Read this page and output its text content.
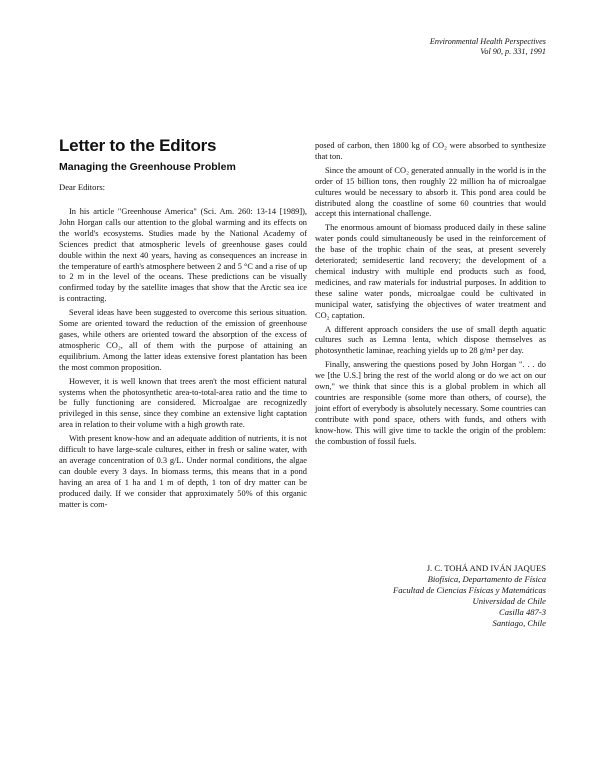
Environmental Health Perspectives
Vol 90, p. 331, 1991
Letter to the Editors
Managing the Greenhouse Problem
Dear Editors:

In his article "Greenhouse America" (Sci. Am. 260: 13-14 [1989]), John Horgan calls our attention to the global warming and its effects on the world's ecosystems. Studies made by the National Academy of Sciences predict that atmospheric levels of greenhouse gases could double within the next 40 years, having as consequences an increase in the temperature of earth's atmosphere between 2 and 5 °C and a rise of up to 2 m in the level of the oceans. These predictions can be visually confirmed today by the satellite images that show that the Arctic sea ice is contracting.

Several ideas have been suggested to overcome this serious situation. Some are oriented toward the reduction of the emission of greenhouse gases, while others are oriented toward the absorption of the excess of atmospheric CO₂, all of them with the purpose of attaining an equilibrium. Among the latter ideas extensive forest plantation has been the most common proposition.

However, it is well known that trees aren't the most efficient natural systems when the photosynthetic area-to-total-area ratio and the time to be fully functioning are considered. Microalgae are recognizedly privileged in this sense, since they combine an extensive light captation area in relation to their volume with a high growth rate.

With present know-how and an adequate addition of nutrients, it is not difficult to have large-scale cultures, either in fresh or saline water, with an average concentration of 0.3 g/L. Under normal conditions, the algae can double every 3 days. In biomass terms, this means that in a pond having an area of 1 ha and 1 m of depth, 1 ton of dry matter can be produced daily. If we consider that approximately 50% of this organic matter is com-

posed of carbon, then 1800 kg of CO₂ were absorbed to synthesize that ton.

Since the amount of CO₂ generated annually in the world is in the order of 15 billion tons, then roughly 22 million ha of microalgae cultures would be necessary to absorb it. This pond area could be distributed along the coastline of some 60 countries that would accept this international challenge.

The enormous amount of biomass produced daily in these saline water ponds could simultaneously be used in the reinforcement of the base of the trophic chain of the seas, at present severely deteriorated; semidesertic land recovery; the development of a chemical industry with multiple end products such as food, medicines, and raw materials for industrial purposes. In addition to these saline water ponds, microalgae could be cultivated in municipal water, satisfying the objectives of water treatment and CO₂ captation.

A different approach considers the use of small depth aquatic cultures such as Lemna lenta, which dispose themselves as photosynthetic laminae, reaching yields up to 28 g/m² per day.

Finally, answering the questions posed by John Horgan ". . . do we [the U.S.] bring the rest of the world along or do we act on our own," we think that since this is a global problem in which all countries are responsible (some more than others, of course), the joint effort of everybody is absolutely necessary. Some countries can contribute with pond space, others with funds, and others with know-how. This will give time to tackle the origin of the problem: the combustion of fossil fuels.

J. C. TOHÁ AND IVÁN JAQUES
Biofísica, Departamento de Física
Facultad de Ciencias Físicas y Matemáticas
Universidad de Chile
Casilla 487-3
Santiago, Chile
